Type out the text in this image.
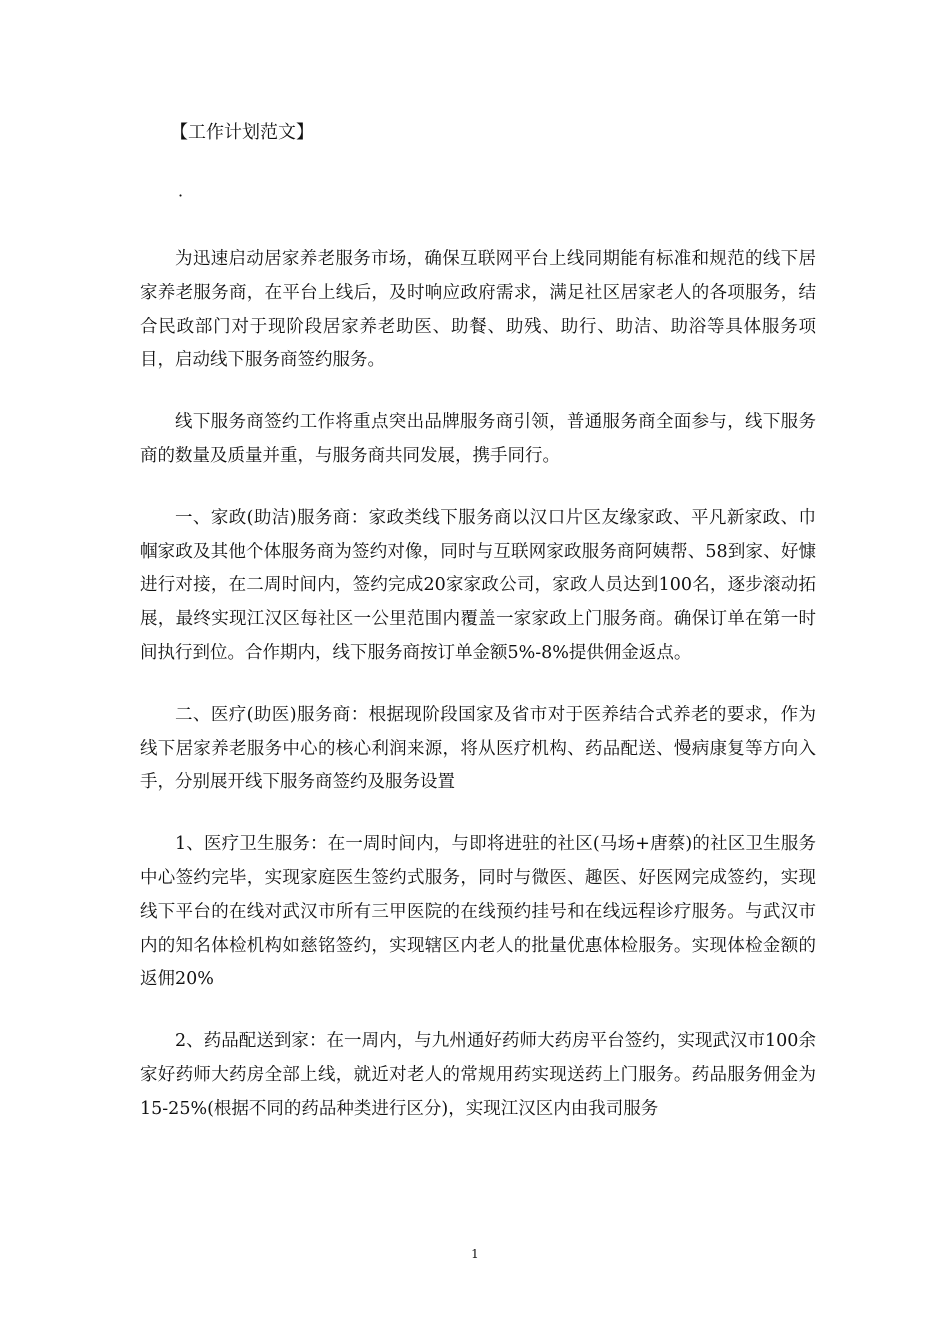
【工作计划范文】
·

为迅速启动居家养老服务市场，确保互联网平台上线同期能有标准和规范的线下居家养老服务商，在平台上线后，及时响应政府需求，满足社区居家老人的各项服务，结合民政部门对于现阶段居家养老助医、助餐、助残、助行、助洁、助浴等具体服务项目，启动线下服务商签约服务。

线下服务商签约工作将重点突出品牌服务商引领，普通服务商全面参与，线下服务商的数量及质量并重，与服务商共同发展，携手同行。

一、家政(助洁)服务商：家政类线下服务商以汉口片区友缘家政、平凡新家政、巾帼家政及其他个体服务商为签约对像，同时与互联网家政服务商阿姨帮、58到家、好慷进行对接，在二周时间内，签约完成20家家政公司，家政人员达到100名，逐步滚动拓展，最终实现江汉区每社区一公里范围内覆盖一家家政上门服务商。确保订单在第一时间执行到位。合作期内，线下服务商按订单金额5%-8%提供佣金返点。

二、医疗(助医)服务商：根据现阶段国家及省市对于医养结合式养老的要求，作为线下居家养老服务中心的核心利润来源，将从医疗机构、药品配送、慢病康复等方向入手，分别展开线下服务商签约及服务设置

1、医疗卫生服务：在一周时间内，与即将进驻的社区(马场+唐蔡)的社区卫生服务中心签约完毕，实现家庭医生签约式服务，同时与微医、趣医、好医网完成签约，实现线下平台的在线对武汉市所有三甲医院的在线预约挂号和在线远程诊疗服务。与武汉市内的知名体检机构如慈铭签约，实现辖区内老人的批量优惠体检服务。实现体检金额的返佣20%

2、药品配送到家：在一周内，与九州通好药师大药房平台签约，实现武汉市100余家好药师大药房全部上线，就近对老人的常规用药实现送药上门服务。药品服务佣金为15-25%(根据不同的药品种类进行区分)，实现江汉区内由我司服务

1
